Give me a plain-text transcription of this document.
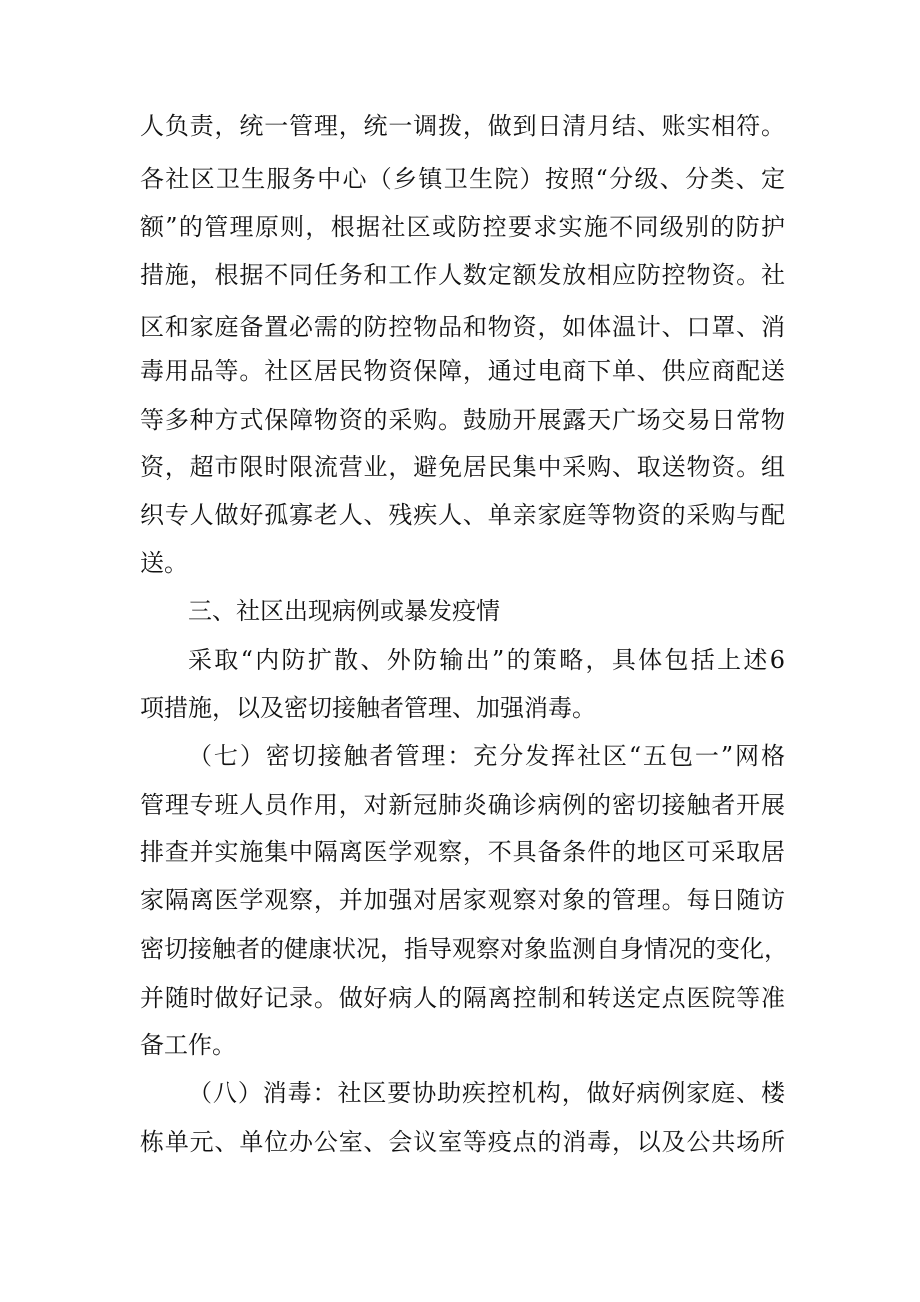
人负责，统一管理，统一调拨，做到日清月结、账实相符。
各社区卫生服务中心（乡镇卫生院）按照“分级、分类、定
额”的管理原则，根据社区或防控要求实施不同级别的防护
措施，根据不同任务和工作人数定额发放相应防控物资。社
区和家庭备置必需的防控物品和物资，如体温计、口罩、消
毒用品等。社区居民物资保障，通过电商下单、供应商配送
等多种方式保障物资的采购。鼓励开展露天广场交易日常物
资，超市限时限流营业，避免居民集中采购、取送物资。组
织专人做好孤寡老人、残疾人、单亲家庭等物资的采购与配
送。
三、社区出现病例或暴发疫情
采取“内防扩散、外防输出”的策略，具体包括上述6
项措施，以及密切接触者管理、加强消毒。
（七）密切接触者管理：充分发挥社区“五包一”网格
管理专班人员作用，对新冠肺炎确诊病例的密切接触者开展
排查并实施集中隔离医学观察，不具备条件的地区可采取居
家隔离医学观察，并加强对居家观察对象的管理。每日随访
密切接触者的健康状况，指导观察对象监测自身情况的变化，
并随时做好记录。做好病人的隔离控制和转送定点医院等准
备工作。
（八）消毒：社区要协助疾控机构，做好病例家庭、楼
栋单元、单位办公室、会议室等疫点的消毒，以及公共场所
